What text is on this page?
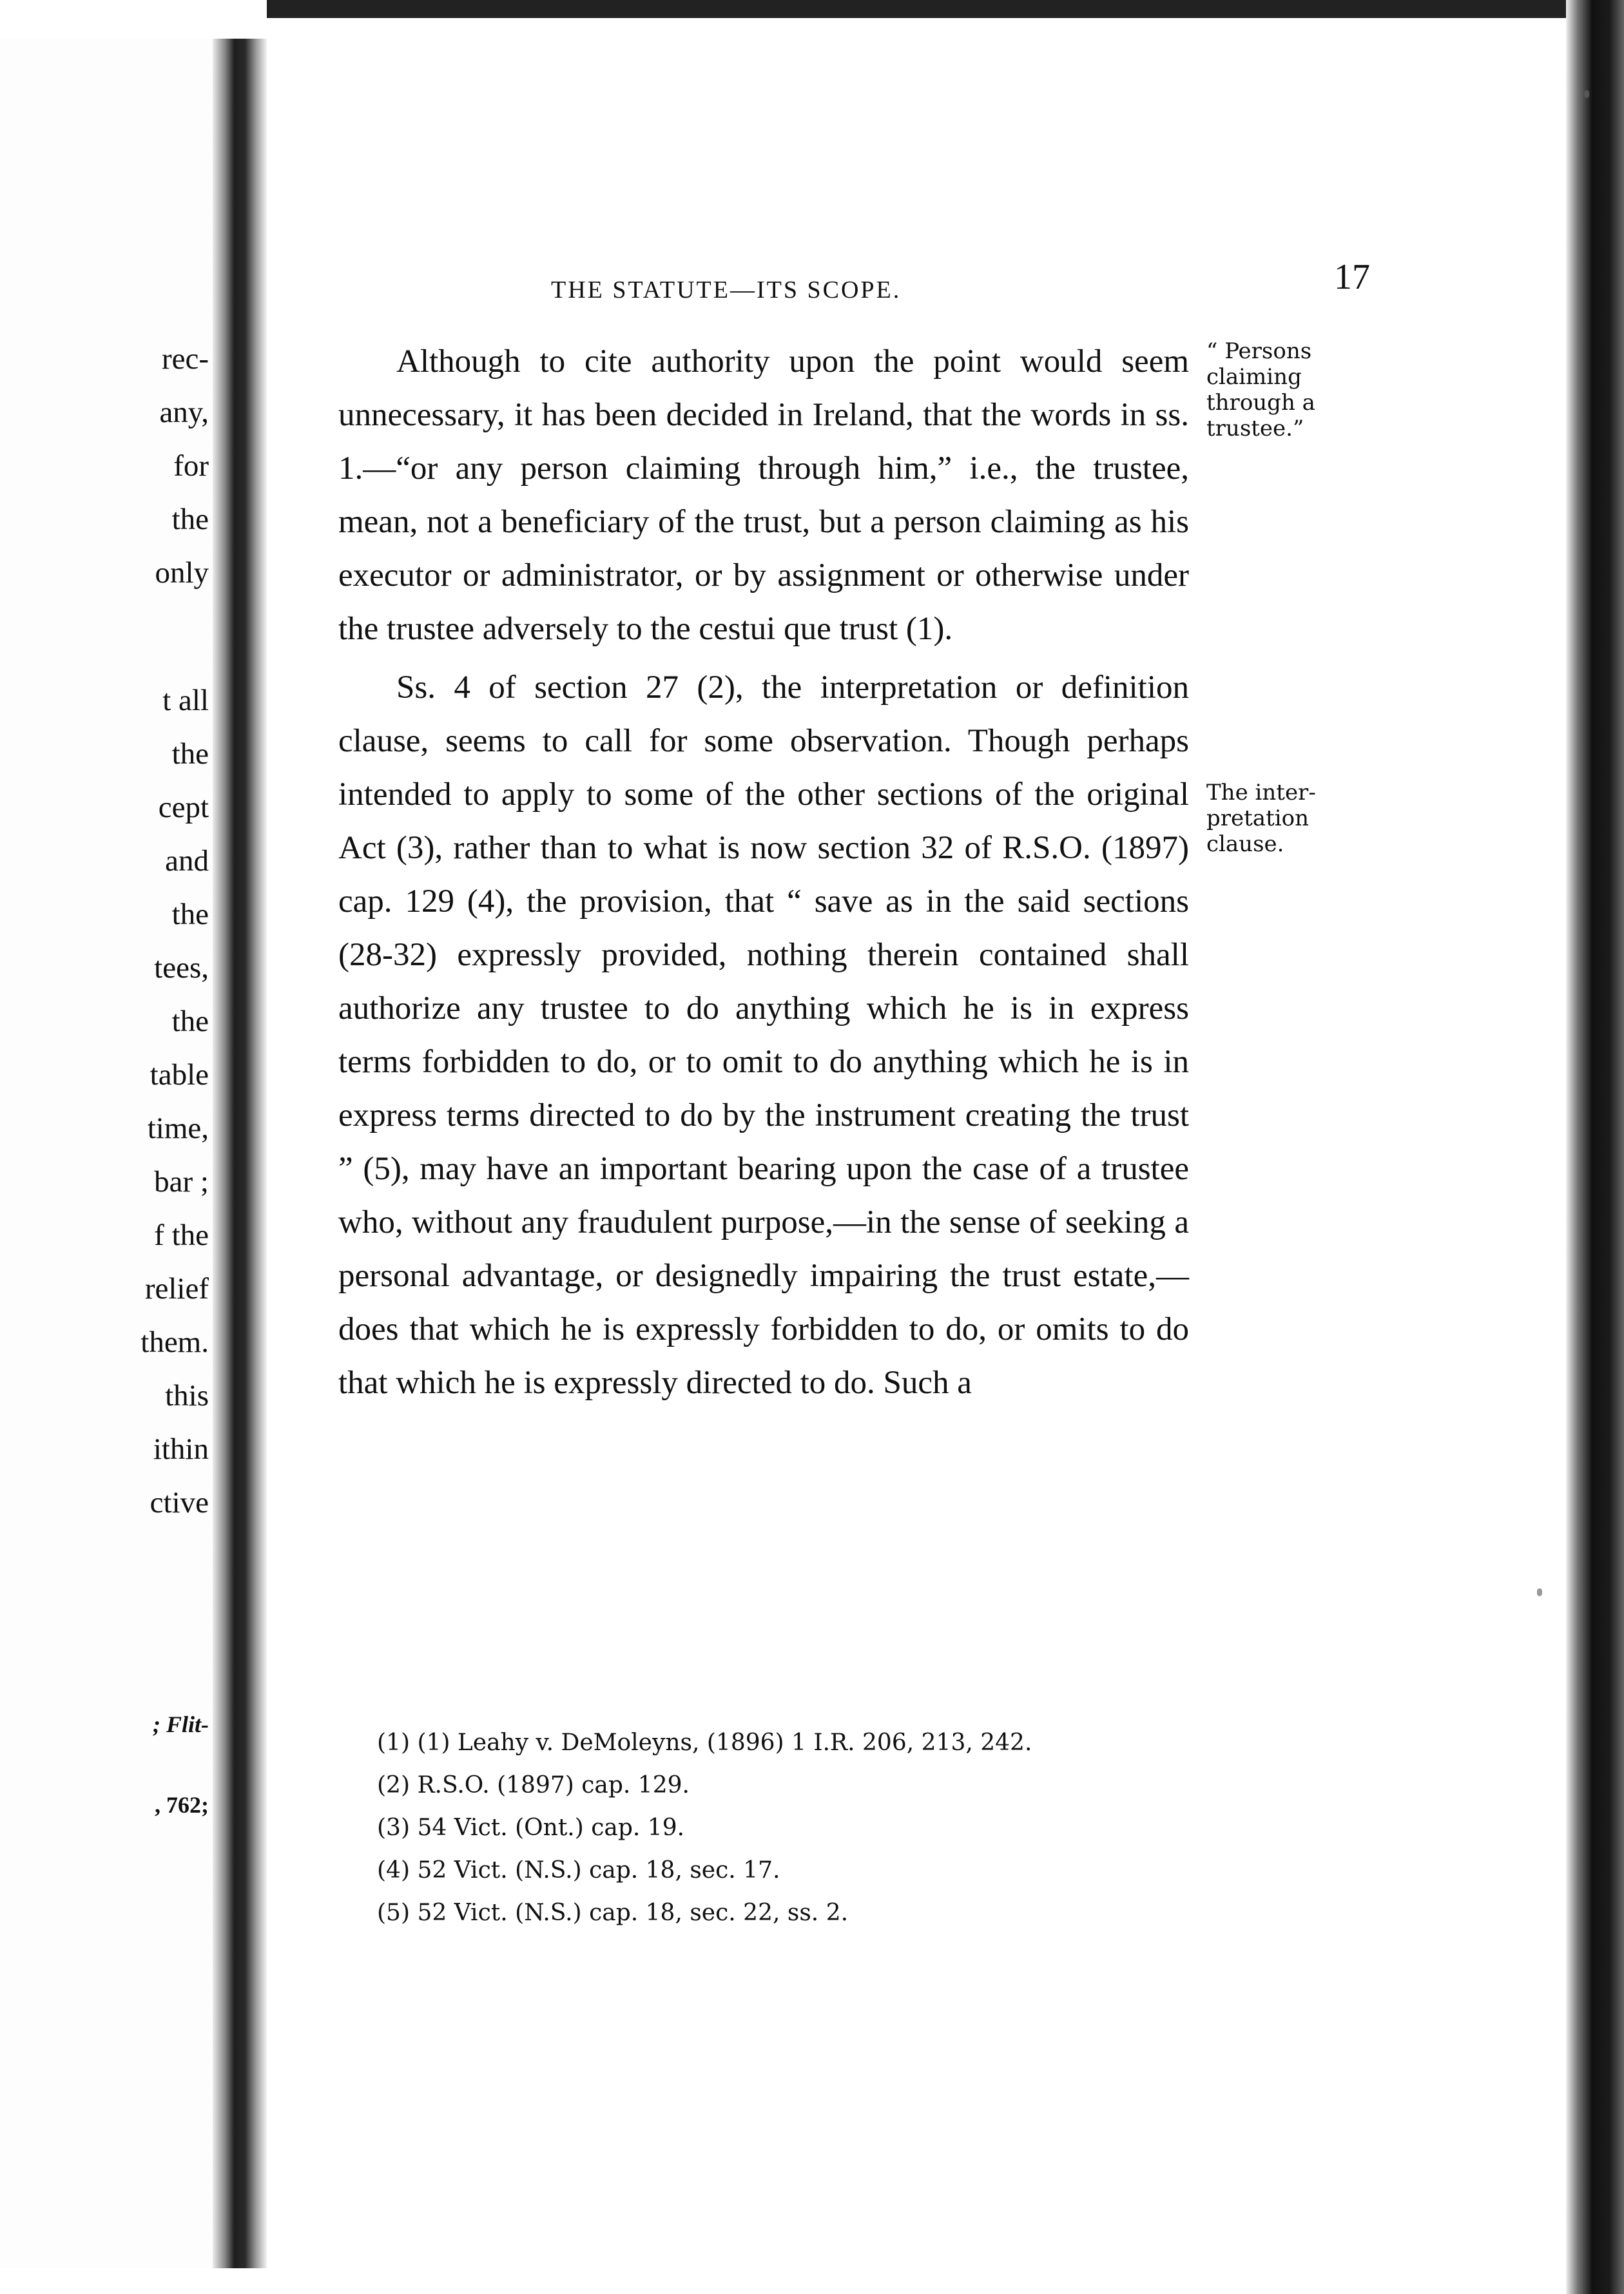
rec-
any,
for
the
only
t all
the
cept
and
the
tees,
the
table
time,
bar ;
f the
relief
them.
this
ithin
ctive
; Flit-
, 762;
THE STATUTE—ITS SCOPE.	17

Although to cite authority upon the point would seem unnecessary, it has been decided in Ireland, that the words in ss. 1.—“or any person claiming through him,” i.e., the trustee, mean, not a beneficiary of the trust, but a person claiming as his executor or administrator, or by assignment or otherwise under the trustee adversely to the cestui que trust (1).

Ss. 4 of section 27 (2), the interpretation or definition clause, seems to call for some observation. Though perhaps intended to apply to some of the other sections of the original Act (3), rather than to what is now section 32 of R.S.O. (1897) cap. 129 (4), the provision, that “ save as in the said sections (28-32) expressly provided, nothing therein contained shall authorize any trustee to do anything which he is in express terms forbidden to do, or to omit to do anything which he is in express terms directed to do by the instrument creating the trust ” (5), may have an important bearing upon the case of a trustee who, without any fraudulent purpose,—in the sense of seeking a personal advantage, or designedly impairing the trust estate,—does that which he is expressly forbidden to do, or omits to do that which he is expressly directed to do. Such a

“ Persons
claiming
through a
trustee.”
The inter-
pretation
clause.
(1) (1) Leahy v. DeMoleyns, (1896) 1 I.R. 206, 213, 242.
(2) R.S.O. (1897) cap. 129.
(3) 54 Vict. (Ont.) cap. 19.
(4) 52 Vict. (N.S.) cap. 18, sec. 17.
(5) 52 Vict. (N.S.) cap. 18, sec. 22, ss. 2.
